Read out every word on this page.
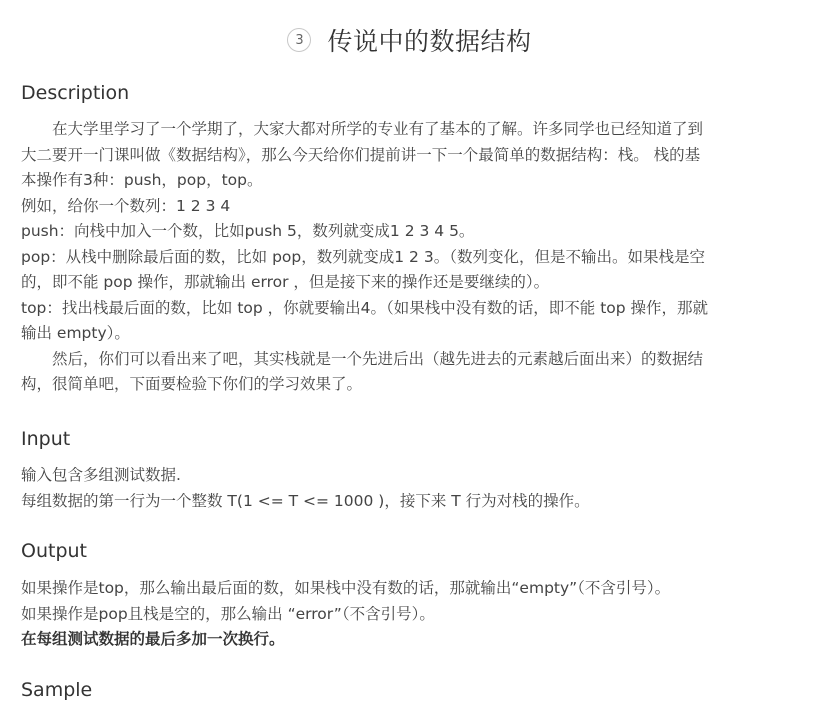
3 传说中的数据结构
Description
在大学里学习了一个学期了，大家大都对所学的专业有了基本的了解。许多同学也已经知道了到
大二要开一门课叫做《数据结构》，那么今天给你们提前讲一下一个最简单的数据结构：栈。 栈的基
本操作有3种：push，pop，top。
例如，给你一个数列：1 2 3 4
push：向栈中加入一个数，比如push 5，数列就变成1 2 3 4 5。
pop：从栈中删除最后面的数，比如 pop，数列就变成1 2 3。（数列变化，但是不输出。如果栈是空
的，即不能 pop 操作，那就输出 error ，但是接下来的操作还是要继续的）。
top：找出栈最后面的数，比如 top ，你就要输出4。（如果栈中没有数的话，即不能 top 操作，那就
输出 empty）。
然后，你们可以看出来了吧，其实栈就是一个先进后出（越先进去的元素越后面出来）的数据结
构，很简单吧，下面要检验下你们的学习效果了。
Input
输入包含多组测试数据.
每组数据的第一行为一个整数 T(1 <= T <= 1000 )，接下来 T 行为对栈的操作。
Output
如果操作是top，那么输出最后面的数，如果栈中没有数的话，那就输出“empty”（不含引号）。
如果操作是pop且栈是空的，那么输出 “error”（不含引号）。
在每组测试数据的最后多加一次换行。
Sample
